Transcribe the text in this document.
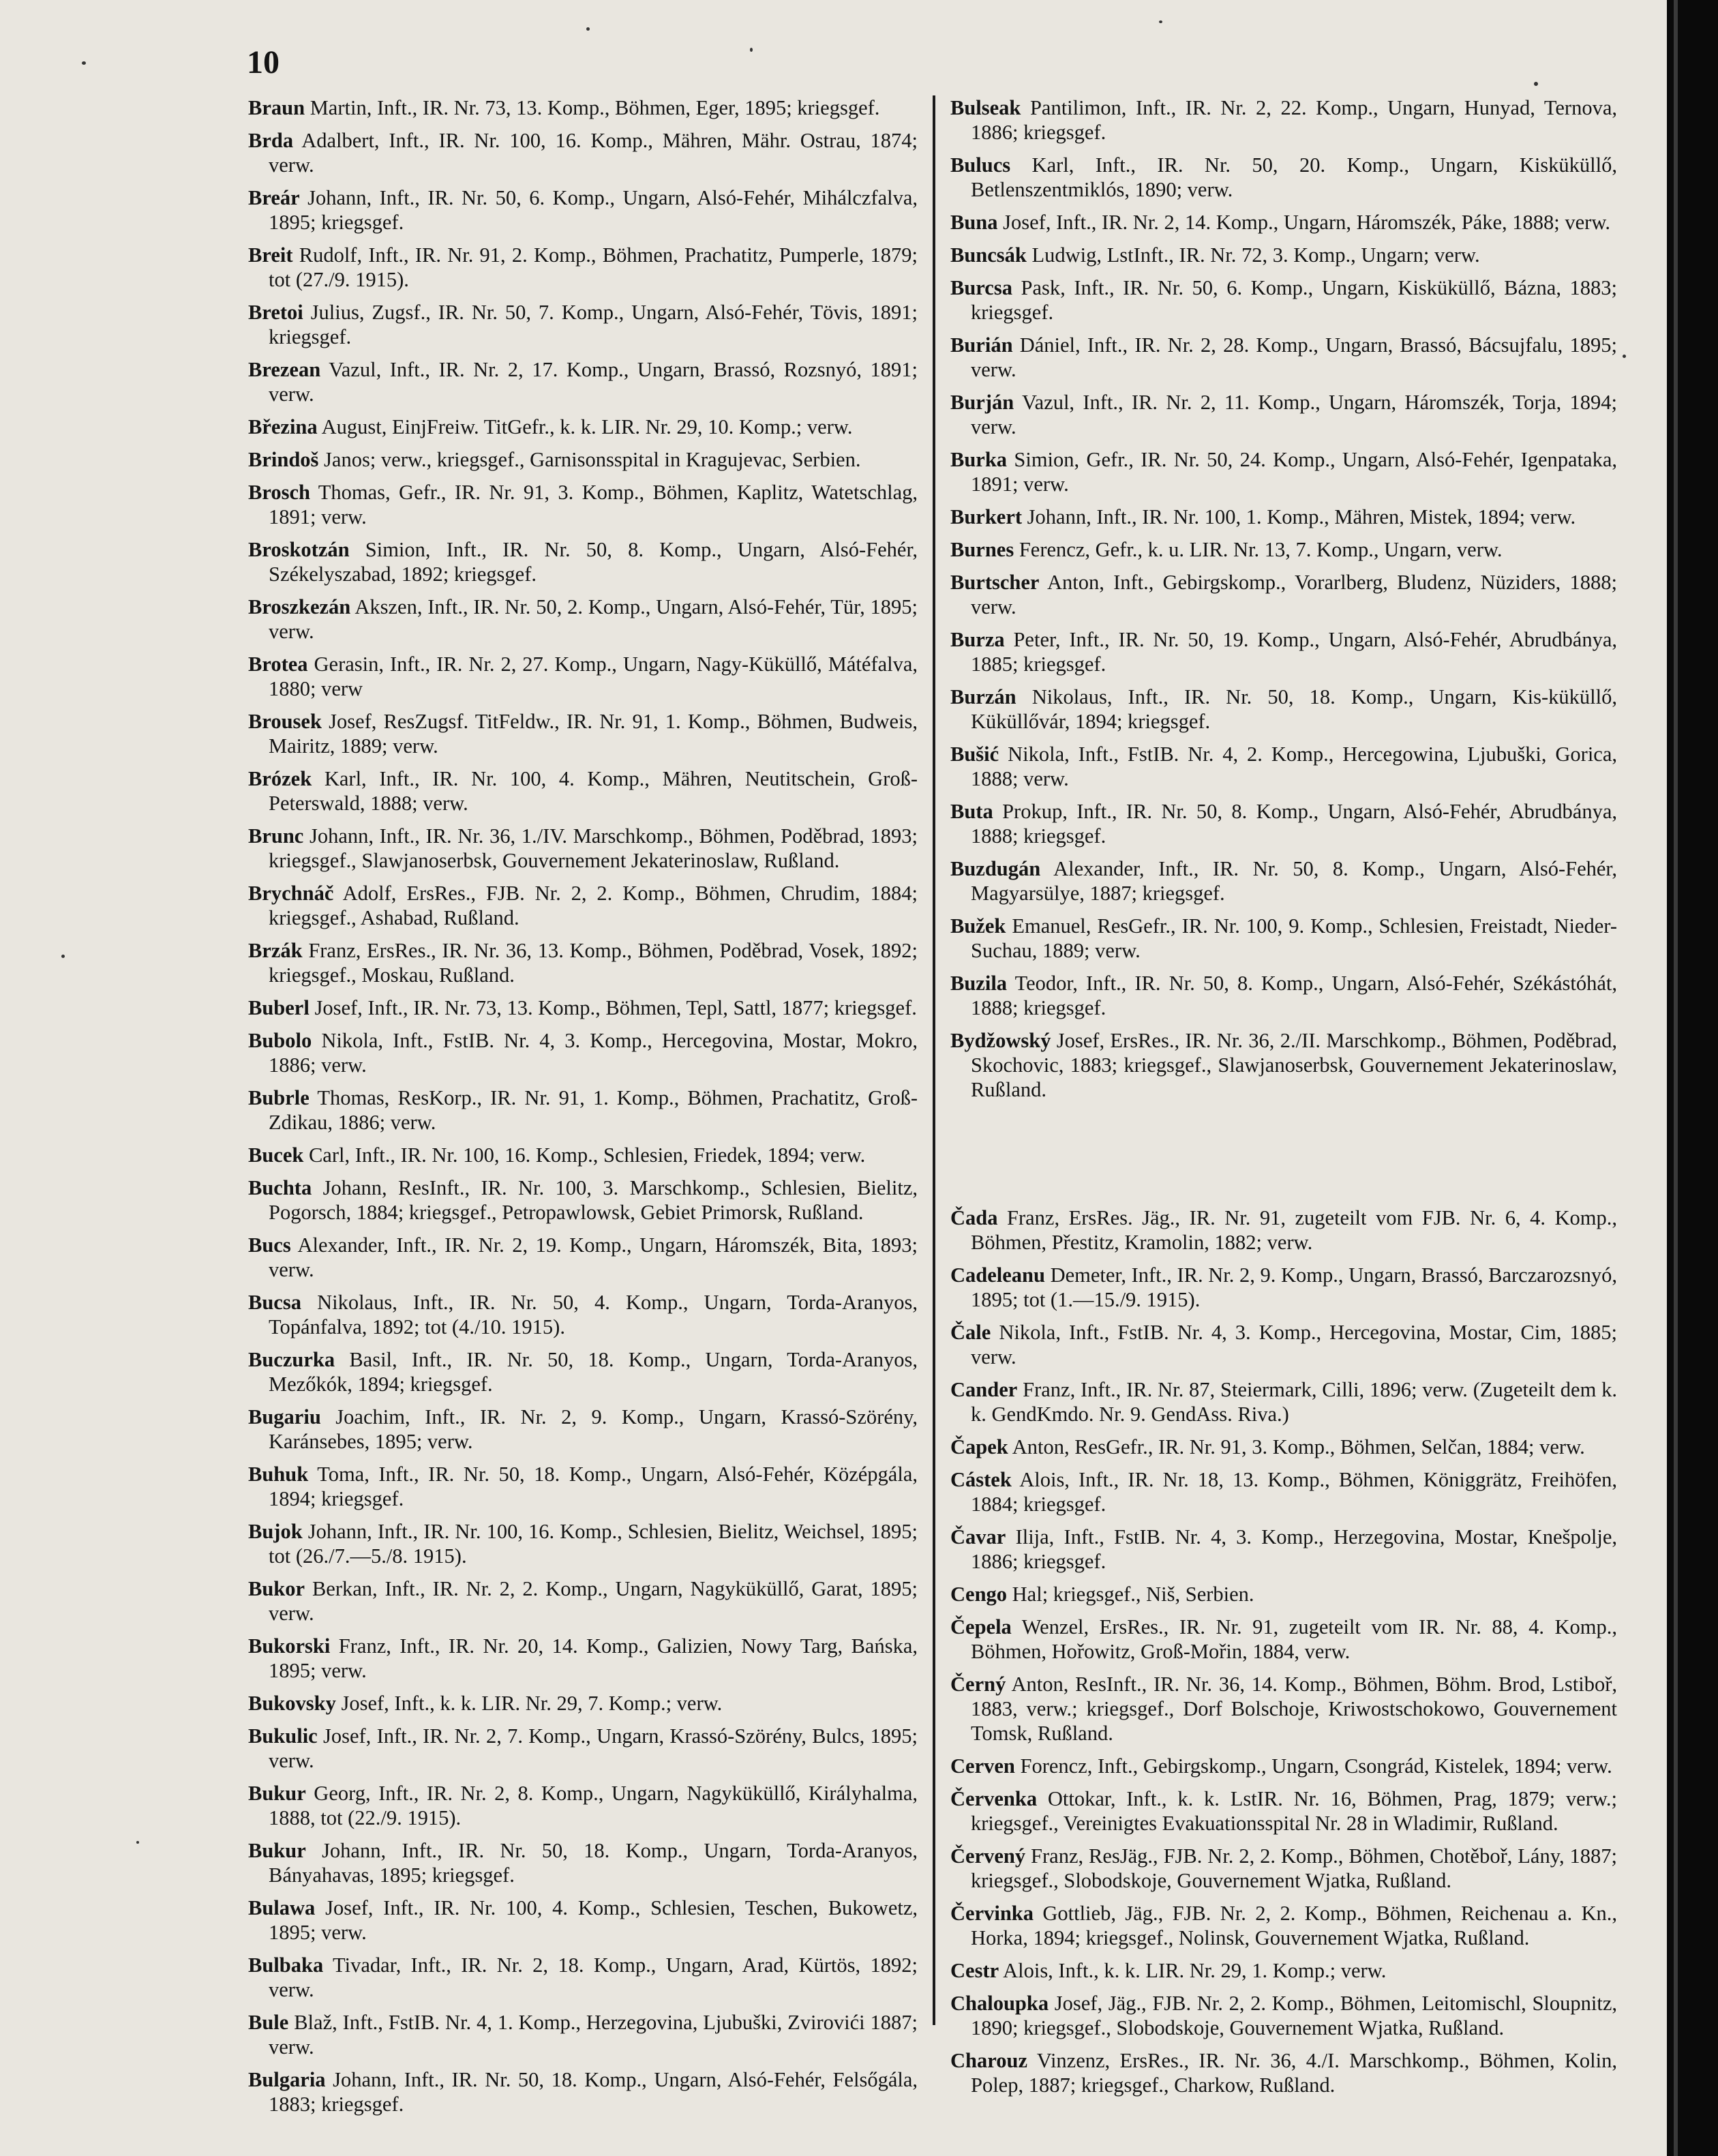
10

Braun Martin, Inft., IR. Nr. 73, 13. Komp., Böhmen, Eger, 1895; kriegsgef.

Brda Adalbert, Inft., IR. Nr. 100, 16. Komp., Mähren, Mähr. Ostrau, 1874; verw.

Breár Johann, Inft., IR. Nr. 50, 6. Komp., Ungarn, Alsó-Fehér, Mihálczfalva, 1895; kriegsgef.

Breit Rudolf, Inft., IR. Nr. 91, 2. Komp., Böhmen, Prachatitz, Pumperle, 1879; tot (27./9. 1915).

Bretoi Julius, Zugsf., IR. Nr. 50, 7. Komp., Ungarn, Alsó-Fehér, Tövis, 1891; kriegsgef.

Brezean Vazul, Inft., IR. Nr. 2, 17. Komp., Ungarn, Brassó, Rozsnyó, 1891; verw.

Březina August, EinjFreiw. TitGefr., k. k. LIR. Nr. 29, 10. Komp.; verw.

Brindoš Janos; verw., kriegsgef., Garnisonsspital in Kragujevac, Serbien.

Brosch Thomas, Gefr., IR. Nr. 91, 3. Komp., Böhmen, Kaplitz, Watetschlag, 1891; verw.

Broskotzán Simion, Inft., IR. Nr. 50, 8. Komp., Ungarn, Alsó-Fehér, Székelyszabad, 1892; kriegsgef.

Broszkezán Akszen, Inft., IR. Nr. 50, 2. Komp., Ungarn, Alsó-Fehér, Tür, 1895; verw.

Brotea Gerasin, Inft., IR. Nr. 2, 27. Komp., Ungarn, Nagy-Küküllő, Mátéfalva, 1880; verw

Brousek Josef, ResZugsf. TitFeldw., IR. Nr. 91, 1. Komp., Böhmen, Budweis, Mairitz, 1889; verw.

Brózek Karl, Inft., IR. Nr. 100, 4. Komp., Mähren, Neutitschein, Groß-Peterswald, 1888; verw.

Brunc Johann, Inft., IR. Nr. 36, 1./IV. Marschkomp., Böhmen, Poděbrad, 1893; kriegsgef., Slawjanoserbsk, Gouvernement Jekaterinoslaw, Rußland.

Brychnáč Adolf, ErsRes., FJB. Nr. 2, 2. Komp., Böhmen, Chrudim, 1884; kriegsgef., Ashabad, Rußland.

Brzák Franz, ErsRes., IR. Nr. 36, 13. Komp., Böhmen, Poděbrad, Vosek, 1892; kriegsgef., Moskau, Rußland.

Buberl Josef, Inft., IR. Nr. 73, 13. Komp., Böhmen, Tepl, Sattl, 1877; kriegsgef.

Bubolo Nikola, Inft., FstIB. Nr. 4, 3. Komp., Hercegovina, Mostar, Mokro, 1886; verw.

Bubrle Thomas, ResKorp., IR. Nr. 91, 1. Komp., Böhmen, Prachatitz, Groß-Zdikau, 1886; verw.

Bucek Carl, Inft., IR. Nr. 100, 16. Komp., Schlesien, Friedek, 1894; verw.

Buchta Johann, ResInft., IR. Nr. 100, 3. Marschkomp., Schlesien, Bielitz, Pogorsch, 1884; kriegsgef., Petropawlowsk, Gebiet Primorsk, Rußland.

Bucs Alexander, Inft., IR. Nr. 2, 19. Komp., Ungarn, Háromszék, Bita, 1893; verw.

Bucsa Nikolaus, Inft., IR. Nr. 50, 4. Komp., Ungarn, Torda-Aranyos, Topánfalva, 1892; tot (4./10. 1915).

Buczurka Basil, Inft., IR. Nr. 50, 18. Komp., Ungarn, Torda-Aranyos, Mezőkók, 1894; kriegsgef.

Bugariu Joachim, Inft., IR. Nr. 2, 9. Komp., Ungarn, Krassó-Szörény, Karánsebes, 1895; verw.

Buhuk Toma, Inft., IR. Nr. 50, 18. Komp., Ungarn, Alsó-Fehér, Középgála, 1894; kriegsgef.

Bujok Johann, Inft., IR. Nr. 100, 16. Komp., Schlesien, Bielitz, Weichsel, 1895; tot (26./7.—5./8. 1915).

Bukor Berkan, Inft., IR. Nr. 2, 2. Komp., Ungarn, Nagyküküllő, Garat, 1895; verw.

Bukorski Franz, Inft., IR. Nr. 20, 14. Komp., Galizien, Nowy Targ, Bańska, 1895; verw.

Bukovsky Josef, Inft., k. k. LIR. Nr. 29, 7. Komp.; verw.

Bukulic Josef, Inft., IR. Nr. 2, 7. Komp., Ungarn, Krassó-Szörény, Bulcs, 1895; verw.

Bukur Georg, Inft., IR. Nr. 2, 8. Komp., Ungarn, Nagyküküllő, Királyhalma, 1888, tot (22./9. 1915).

Bukur Johann, Inft., IR. Nr. 50, 18. Komp., Ungarn, Torda-Aranyos, Bányahavas, 1895; kriegsgef.

Bulawa Josef, Inft., IR. Nr. 100, 4. Komp., Schlesien, Teschen, Bukowetz, 1895; verw.

Bulbaka Tivadar, Inft., IR. Nr. 2, 18. Komp., Ungarn, Arad, Kürtös, 1892; verw.

Bule Blaž, Inft., FstIB. Nr. 4, 1. Komp., Herzegovina, Ljubuški, Zvirovići 1887; verw.

Bulgaria Johann, Inft., IR. Nr. 50, 18. Komp., Ungarn, Alsó-Fehér, Felsőgála, 1883; kriegsgef.

Bulseak Pantilimon, Inft., IR. Nr. 2, 22. Komp., Ungarn, Hunyad, Ternova, 1886; kriegsgef.

Bulucs Karl, Inft., IR. Nr. 50, 20. Komp., Ungarn, Kisküküllő, Betlenszentmiklós, 1890; verw.

Buna Josef, Inft., IR. Nr. 2, 14. Komp., Ungarn, Háromszék, Páke, 1888; verw.

Buncsák Ludwig, LstInft., IR. Nr. 72, 3. Komp., Ungarn; verw.

Burcsa Pask, Inft., IR. Nr. 50, 6. Komp., Ungarn, Kisküküllő, Bázna, 1883; kriegsgef.

Burián Dániel, Inft., IR. Nr. 2, 28. Komp., Ungarn, Brassó, Bácsujfalu, 1895; verw.

Burján Vazul, Inft., IR. Nr. 2, 11. Komp., Ungarn, Háromszék, Torja, 1894; verw.

Burka Simion, Gefr., IR. Nr. 50, 24. Komp., Ungarn, Alsó-Fehér, Igenpataka, 1891; verw.

Burkert Johann, Inft., IR. Nr. 100, 1. Komp., Mähren, Mistek, 1894; verw.

Burnes Ferencz, Gefr., k. u. LIR. Nr. 13, 7. Komp., Ungarn, verw.

Burtscher Anton, Inft., Gebirgskomp., Vorarlberg, Bludenz, Nüziders, 1888; verw.

Burza Peter, Inft., IR. Nr. 50, 19. Komp., Ungarn, Alsó-Fehér, Abrudbánya, 1885; kriegsgef.

Burzán Nikolaus, Inft., IR. Nr. 50, 18. Komp., Ungarn, Kis-küküllő, Küküllővár, 1894; kriegsgef.

Bušić Nikola, Inft., FstIB. Nr. 4, 2. Komp., Hercegowina, Ljubuški, Gorica, 1888; verw.

Buta Prokup, Inft., IR. Nr. 50, 8. Komp., Ungarn, Alsó-Fehér, Abrudbánya, 1888; kriegsgef.

Buzdugán Alexander, Inft., IR. Nr. 50, 8. Komp., Ungarn, Alsó-Fehér, Magyarsülye, 1887; kriegsgef.

Bužek Emanuel, ResGefr., IR. Nr. 100, 9. Komp., Schlesien, Freistadt, Nieder-Suchau, 1889; verw.

Buzila Teodor, Inft., IR. Nr. 50, 8. Komp., Ungarn, Alsó-Fehér, Székástóhát, 1888; kriegsgef.

Bydžowský Josef, ErsRes., IR. Nr. 36, 2./II. Marschkomp., Böhmen, Poděbrad, Skochovic, 1883; kriegsgef., Slawjanoserbsk, Gouvernement Jekaterinoslaw, Rußland.

Čada Franz, ErsRes. Jäg., IR. Nr. 91, zugeteilt vom FJB. Nr. 6, 4. Komp., Böhmen, Přestitz, Kramolin, 1882; verw.

Cadeleanu Demeter, Inft., IR. Nr. 2, 9. Komp., Ungarn, Brassó, Barczarozsnyó, 1895; tot (1.—15./9. 1915).

Čale Nikola, Inft., FstIB. Nr. 4, 3. Komp., Hercegovina, Mostar, Cim, 1885; verw.

Cander Franz, Inft., IR. Nr. 87, Steiermark, Cilli, 1896; verw. (Zugeteilt dem k. k. GendKmdo. Nr. 9. GendAss. Riva.)

Čapek Anton, ResGefr., IR. Nr. 91, 3. Komp., Böhmen, Selčan, 1884; verw.

Cástek Alois, Inft., IR. Nr. 18, 13. Komp., Böhmen, Königgrätz, Freihöfen, 1884; kriegsgef.

Čavar Ilija, Inft., FstIB. Nr. 4, 3. Komp., Herzegovina, Mostar, Knešpolje, 1886; kriegsgef.

Cengo Hal; kriegsgef., Niš, Serbien.

Čepela Wenzel, ErsRes., IR. Nr. 91, zugeteilt vom IR. Nr. 88, 4. Komp., Böhmen, Hořowitz, Groß-Mořin, 1884, verw.

Černý Anton, ResInft., IR. Nr. 36, 14. Komp., Böhmen, Böhm. Brod, Lstiboř, 1883, verw.; kriegsgef., Dorf Bolschoje, Kriwostschokowo, Gouvernement Tomsk, Rußland.

Cerven Forencz, Inft., Gebirgskomp., Ungarn, Csongrád, Kistelek, 1894; verw.

Červenka Ottokar, Inft., k. k. LstIR. Nr. 16, Böhmen, Prag, 1879; verw.; kriegsgef., Vereinigtes Evakuationsspital Nr. 28 in Wladimir, Rußland.

Červený Franz, ResJäg., FJB. Nr. 2, 2. Komp., Böhmen, Chotěboř, Lány, 1887; kriegsgef., Slobodskoje, Gouvernement Wjatka, Rußland.

Červinka Gottlieb, Jäg., FJB. Nr. 2, 2. Komp., Böhmen, Reichenau a. Kn., Horka, 1894; kriegsgef., Nolinsk, Gouvernement Wjatka, Rußland.

Cestr Alois, Inft., k. k. LIR. Nr. 29, 1. Komp.; verw.

Chaloupka Josef, Jäg., FJB. Nr. 2, 2. Komp., Böhmen, Leitomischl, Sloupnitz, 1890; kriegsgef., Slobodskoje, Gouvernement Wjatka, Rußland.

Charouz Vinzenz, ErsRes., IR. Nr. 36, 4./I. Marschkomp., Böhmen, Kolin, Polep, 1887; kriegsgef., Charkow, Rußland.
